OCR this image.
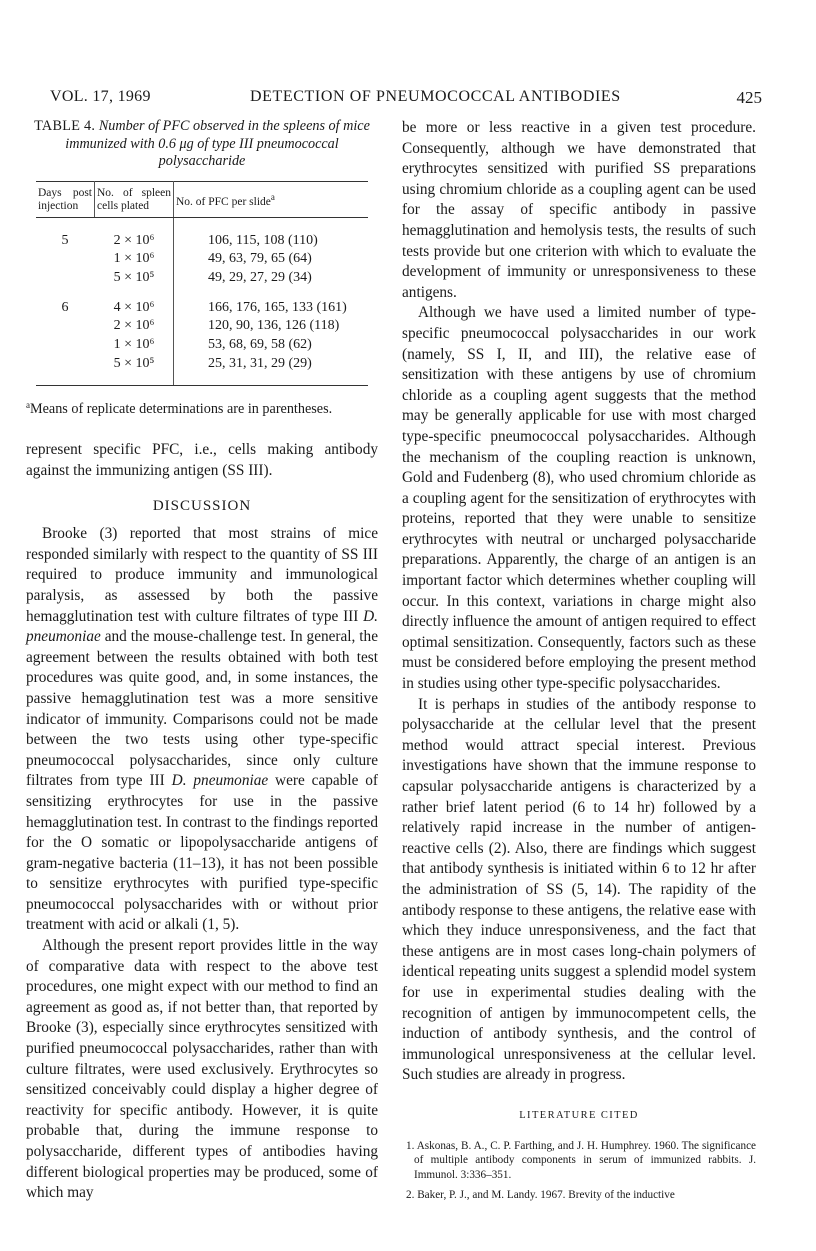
VOL. 17, 1969	DETECTION OF PNEUMOCOCCAL ANTIBODIES	425
TABLE 4. Number of PFC observed in the spleens of mice immunized with 0.6 μg of type III pneumococcal polysaccharide
Days post injection	No. of spleen cells plated	No. of PFC per slide$^a$
5	2 × 10⁶	106, 115, 108 (110)
	1 × 10⁶	49, 63, 79, 65 (64)
	5 × 10⁵	49, 29, 27, 29 (34)

6	4 × 10⁶	166, 176, 165, 133 (161)
	2 × 10⁶	120, 90, 136, 126 (118)
	1 × 10⁶	53, 68, 69, 58 (62)
	5 × 10⁵	25, 31, 31, 29 (29)

$^a$Means of replicate determinations are in parentheses.

represent specific PFC, i.e., cells making antibody against the immunizing antigen (SS III).

DISCUSSION

Brooke (3) reported that most strains of mice responded similarly with respect to the quantity of SS III required to produce immunity and immunological paralysis, as assessed by both the passive hemagglutination test with culture filtrates of type III D. pneumoniae and the mouse-challenge test. In general, the agreement between the results obtained with both test procedures was quite good, and, in some instances, the passive hemagglutination test was a more sensitive indicator of immunity. Comparisons could not be made between the two tests using other type-specific pneumococcal polysaccharides, since only culture filtrates from type III D. pneumoniae were capable of sensitizing erythrocytes for use in the passive hemagglutination test. In contrast to the findings reported for the O somatic or lipopolysaccharide antigens of gram-negative bacteria (11–13), it has not been possible to sensitize erythrocytes with purified type-specific pneumococcal polysaccharides with or without prior treatment with acid or alkali (1, 5).

Although the present report provides little in the way of comparative data with respect to the above test procedures, one might expect with our method to find an agreement as good as, if not better than, that reported by Brooke (3), especially since erythrocytes sensitized with purified pneumococcal polysaccharides, rather than with culture filtrates, were used exclusively. Erythrocytes so sensitized conceivably could display a higher degree of reactivity for specific antibody. However, it is quite probable that, during the immune response to polysaccharide, different types of antibodies having different biological properties may be produced, some of which may

be more or less reactive in a given test procedure. Consequently, although we have demonstrated that erythrocytes sensitized with purified SS preparations using chromium chloride as a coupling agent can be used for the assay of specific antibody in passive hemagglutination and hemolysis tests, the results of such tests provide but one criterion with which to evaluate the development of immunity or unresponsiveness to these antigens.

Although we have used a limited number of type-specific pneumococcal polysaccharides in our work (namely, SS I, II, and III), the relative ease of sensitization with these antigens by use of chromium chloride as a coupling agent suggests that the method may be generally applicable for use with most charged type-specific pneumococcal polysaccharides. Although the mechanism of the coupling reaction is unknown, Gold and Fudenberg (8), who used chromium chloride as a coupling agent for the sensitization of erythrocytes with proteins, reported that they were unable to sensitize erythrocytes with neutral or uncharged polysaccharide preparations. Apparently, the charge of an antigen is an important factor which determines whether coupling will occur. In this context, variations in charge might also directly influence the amount of antigen required to effect optimal sensitization. Consequently, factors such as these must be considered before employing the present method in studies using other type-specific polysaccharides.

It is perhaps in studies of the antibody response to polysaccharide at the cellular level that the present method would attract special interest. Previous investigations have shown that the immune response to capsular polysaccharide antigens is characterized by a rather brief latent period (6 to 14 hr) followed by a relatively rapid increase in the number of antigen-reactive cells (2). Also, there are findings which suggest that antibody synthesis is initiated within 6 to 12 hr after the administration of SS (5, 14). The rapidity of the antibody response to these antigens, the relative ease with which they induce unresponsiveness, and the fact that these antigens are in most cases long-chain polymers of identical repeating units suggest a splendid model system for use in experimental studies dealing with the recognition of antigen by immunocompetent cells, the induction of antibody synthesis, and the control of immunological unresponsiveness at the cellular level. Such studies are already in progress.

LITERATURE CITED
1. Askonas, B. A., C. P. Farthing, and J. H. Humphrey. 1960. The significance of multiple antibody components in serum of immunized rabbits. J. Immunol. 3:336–351.
2. Baker, P. J., and M. Landy. 1967. Brevity of the inductive
